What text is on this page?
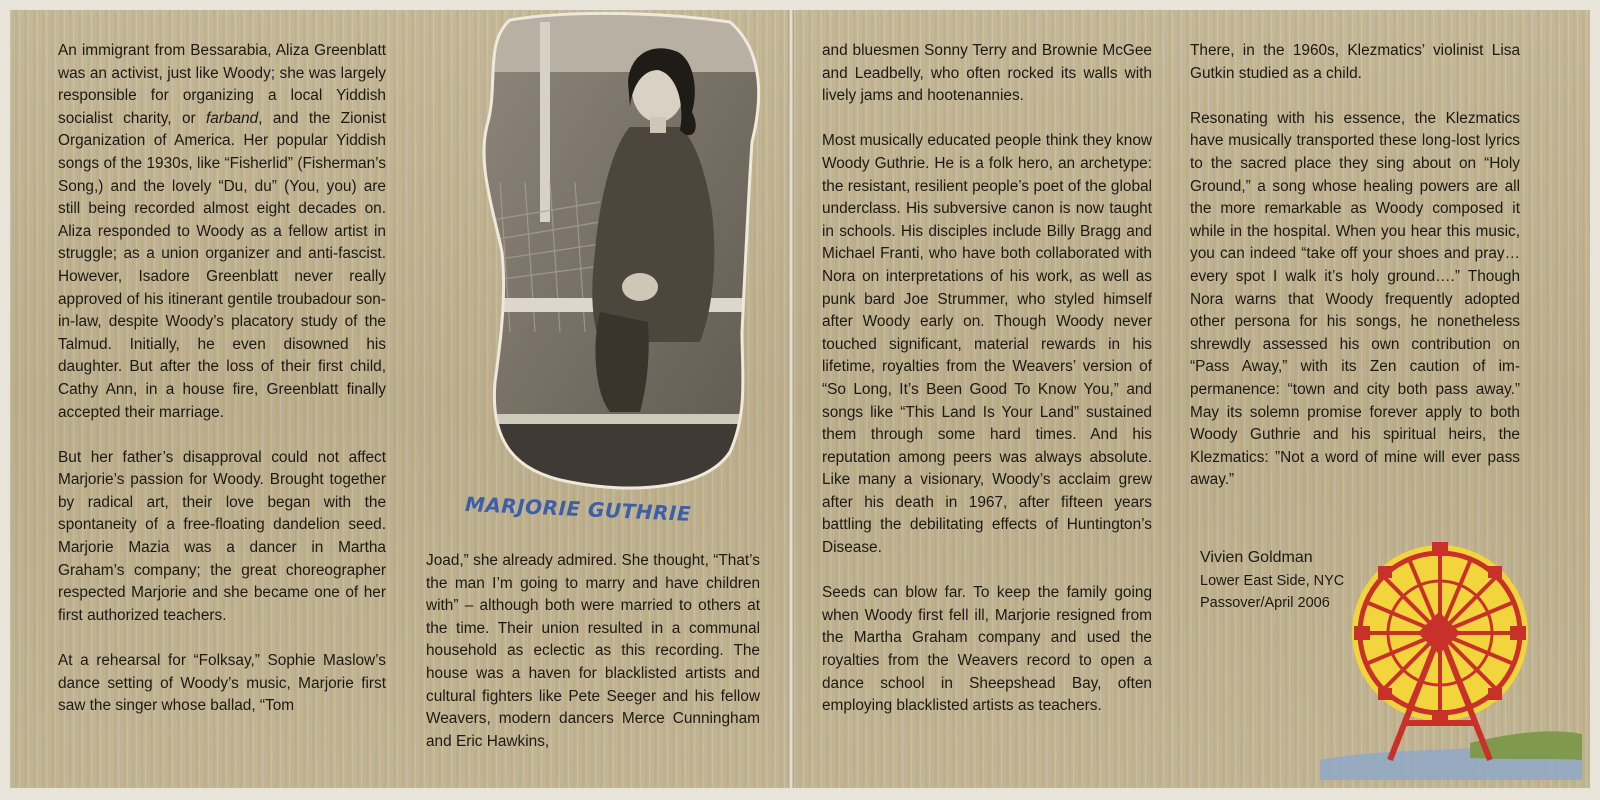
An immigrant from Bessarabia, Aliza Greenblatt was an activist, just like Woody; she was largely responsible for organizing a local Yiddish socialist charity, or farband, and the Zionist Organization of America. Her popular Yiddish songs of the 1930s, like “Fisherlid” (Fisherman’s Song,) and the lovely “Du, du” (You, you) are still being recorded almost eight decades on. Aliza responded to Woody as a fellow artist in struggle; as a union organizer and anti-fascist. However, Isadore Greenblatt never really approved of his itinerant gentile troubadour son-in-law, despite Woody’s placatory study of the Talmud. Initially, he even disowned his daughter. But after the loss of their first child, Cathy Ann, in a house fire, Greenblatt finally accepted their marriage.

But her father’s disapproval could not affect Marjorie’s passion for Woody. Brought together by radical art, their love began with the spontaneity of a free-floating dandelion seed. Marjorie Mazia was a dancer in Martha Graham’s company; the great choreographer respected Marjorie and she became one of her first authorized teachers.

At a rehearsal for “Folksay,” Sophie Maslow’s dance setting of Woody’s music, Marjorie first saw the singer whose ballad, “Tom

MARJORIE GUTHRIE

Joad,” she already admired. She thought, “That’s the man I’m going to marry and have children with” – although both were married to others at the time. Their union resulted in a communal household as eclectic as this recording. The house was a haven for blacklisted artists and cultural fighters like Pete Seeger and his fellow Weavers, modern dancers Merce Cunningham and Eric Hawkins,

and bluesmen Sonny Terry and Brownie McGee and Leadbelly, who often rocked its walls with lively jams and hootenannies.

Most musically educated people think they know Woody Guthrie. He is a folk hero, an archetype: the resistant, resilient people’s poet of the global underclass. His subversive canon is now taught in schools. His disciples include Billy Bragg and Michael Franti, who have both collaborated with Nora on interpretations of his work, as well as punk bard Joe Strummer, who styled himself after Woody early on. Though Woody never touched significant, material rewards in his lifetime, royalties from the Weavers’ version of “So Long, It’s Been Good To Know You,” and songs like “This Land Is Your Land” sustained them through some hard times. And his reputation among peers was always absolute. Like many a visionary, Woody’s acclaim grew after his death in 1967, after fifteen years battling the debilitating effects of Huntington’s Disease.

Seeds can blow far. To keep the family going when Woody first fell ill, Marjorie resigned from the Martha Graham company and used the royalties from the Weavers record to open a dance school in Sheepshead Bay, often employing blacklisted artists as teachers.

There, in the 1960s, Klezmatics’ violinist Lisa Gutkin studied as a child.

Resonating with his essence, the Klezmatics have musically transported these long-lost lyrics to the sacred place they sing about on “Holy Ground,” a song whose healing powers are all the more remarkable as Woody composed it while in the hospital. When you hear this music, you can indeed “take off your shoes and pray… every spot I walk it’s holy ground….” Though Nora warns that Woody frequently adopted other persona for his songs, he nonetheless shrewdly assessed his own contribution on “Pass Away,” with its Zen caution of impermanence: “town and city both pass away.” May its solemn promise forever apply to both Woody Guthrie and his spiritual heirs, the Klezmatics: ”Not a word of mine will ever pass away.”

Vivien Goldman
Lower East Side, NYC
Passover/April 2006
